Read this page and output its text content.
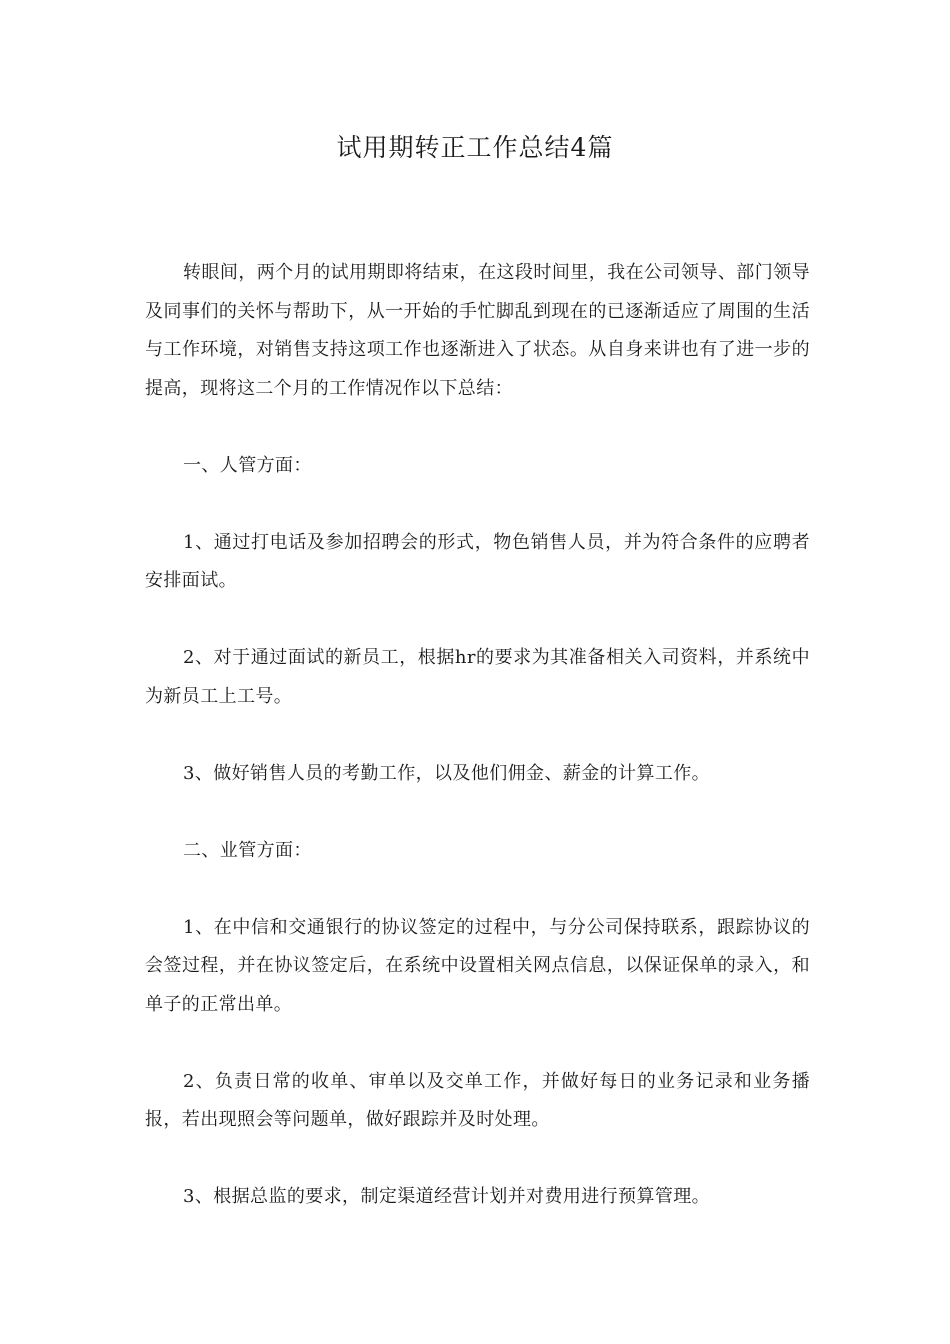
试用期转正工作总结4篇

转眼间，两个月的试用期即将结束，在这段时间里，我在公司领导、部门领导及同事们的关怀与帮助下，从一开始的手忙脚乱到现在的已逐渐适应了周围的生活与工作环境，对销售支持这项工作也逐渐进入了状态。从自身来讲也有了进一步的提高，现将这二个月的工作情况作以下总结：

一、人管方面：

1、通过打电话及参加招聘会的形式，物色销售人员，并为符合条件的应聘者安排面试。

2、对于通过面试的新员工，根据hr的要求为其准备相关入司资料，并系统中为新员工上工号。

3、做好销售人员的考勤工作，以及他们佣金、薪金的计算工作。

二、业管方面：

1、在中信和交通银行的协议签定的过程中，与分公司保持联系，跟踪协议的会签过程，并在协议签定后，在系统中设置相关网点信息，以保证保单的录入，和单子的正常出单。

2、负责日常的收单、审单以及交单工作，并做好每日的业务记录和业务播报，若出现照会等问题单，做好跟踪并及时处理。

3、根据总监的要求，制定渠道经营计划并对费用进行预算管理。
